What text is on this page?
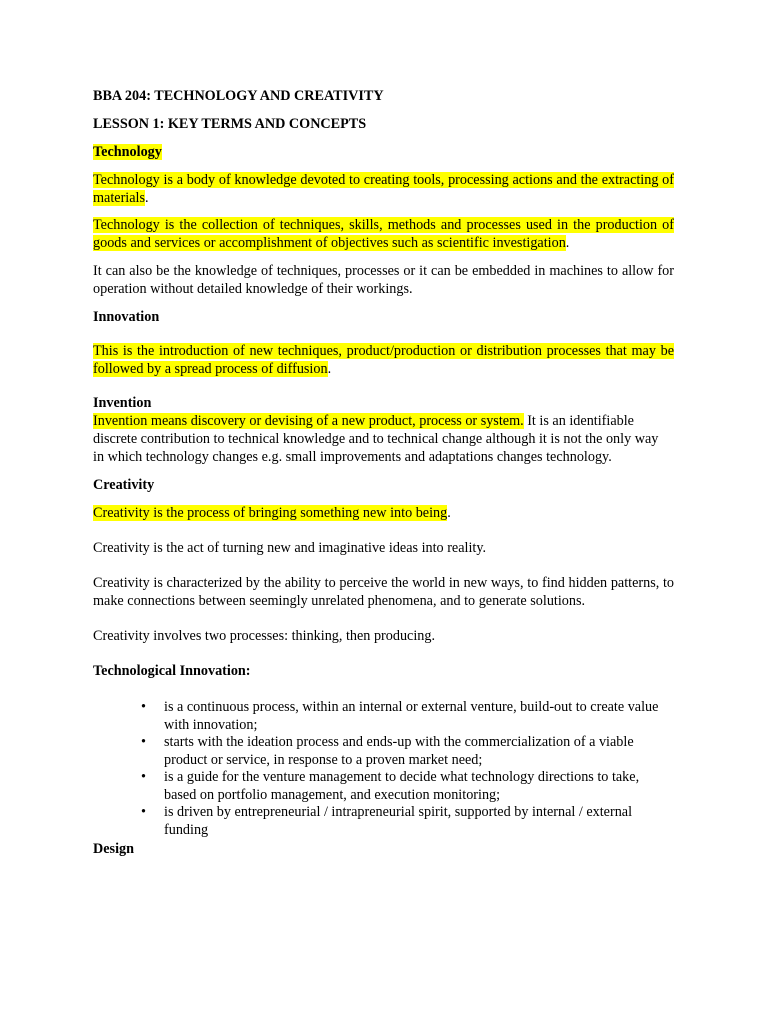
BBA 204: TECHNOLOGY AND CREATIVITY

LESSON 1: KEY TERMS AND CONCEPTS

Technology

Technology is a body of knowledge devoted to creating tools, processing actions and the extracting of materials.

Technology is the collection of techniques, skills, methods and processes used in the production of goods and services or accomplishment of objectives such as scientific investigation.

It can also be the knowledge of techniques, processes or it can be embedded in machines to allow for operation without detailed knowledge of their workings.

Innovation

This is the introduction of new techniques, product/production or distribution processes that may be followed by a spread process of diffusion.

Invention

Invention means discovery or devising of a new product, process or system. It is an identifiable discrete contribution to technical knowledge and to technical change although it is not the only way in which technology changes e.g. small improvements and adaptations changes technology.

Creativity

Creativity is the process of bringing something new into being.

Creativity is the act of turning new and imaginative ideas into reality.

Creativity is characterized by the ability to perceive the world in new ways, to find hidden patterns, to make connections between seemingly unrelated phenomena, and to generate solutions.

Creativity involves two processes: thinking, then producing.

Technological Innovation:

• is a continuous process, within an internal or external venture, build-out to create value with innovation;
• starts with the ideation process and ends-up with the commercialization of a viable product or service, in response to a proven market need;
• is a guide for the venture management to decide what technology directions to take, based on portfolio management, and execution monitoring;
• is driven by entrepreneurial / intrapreneurial spirit, supported by internal / external funding

Design
